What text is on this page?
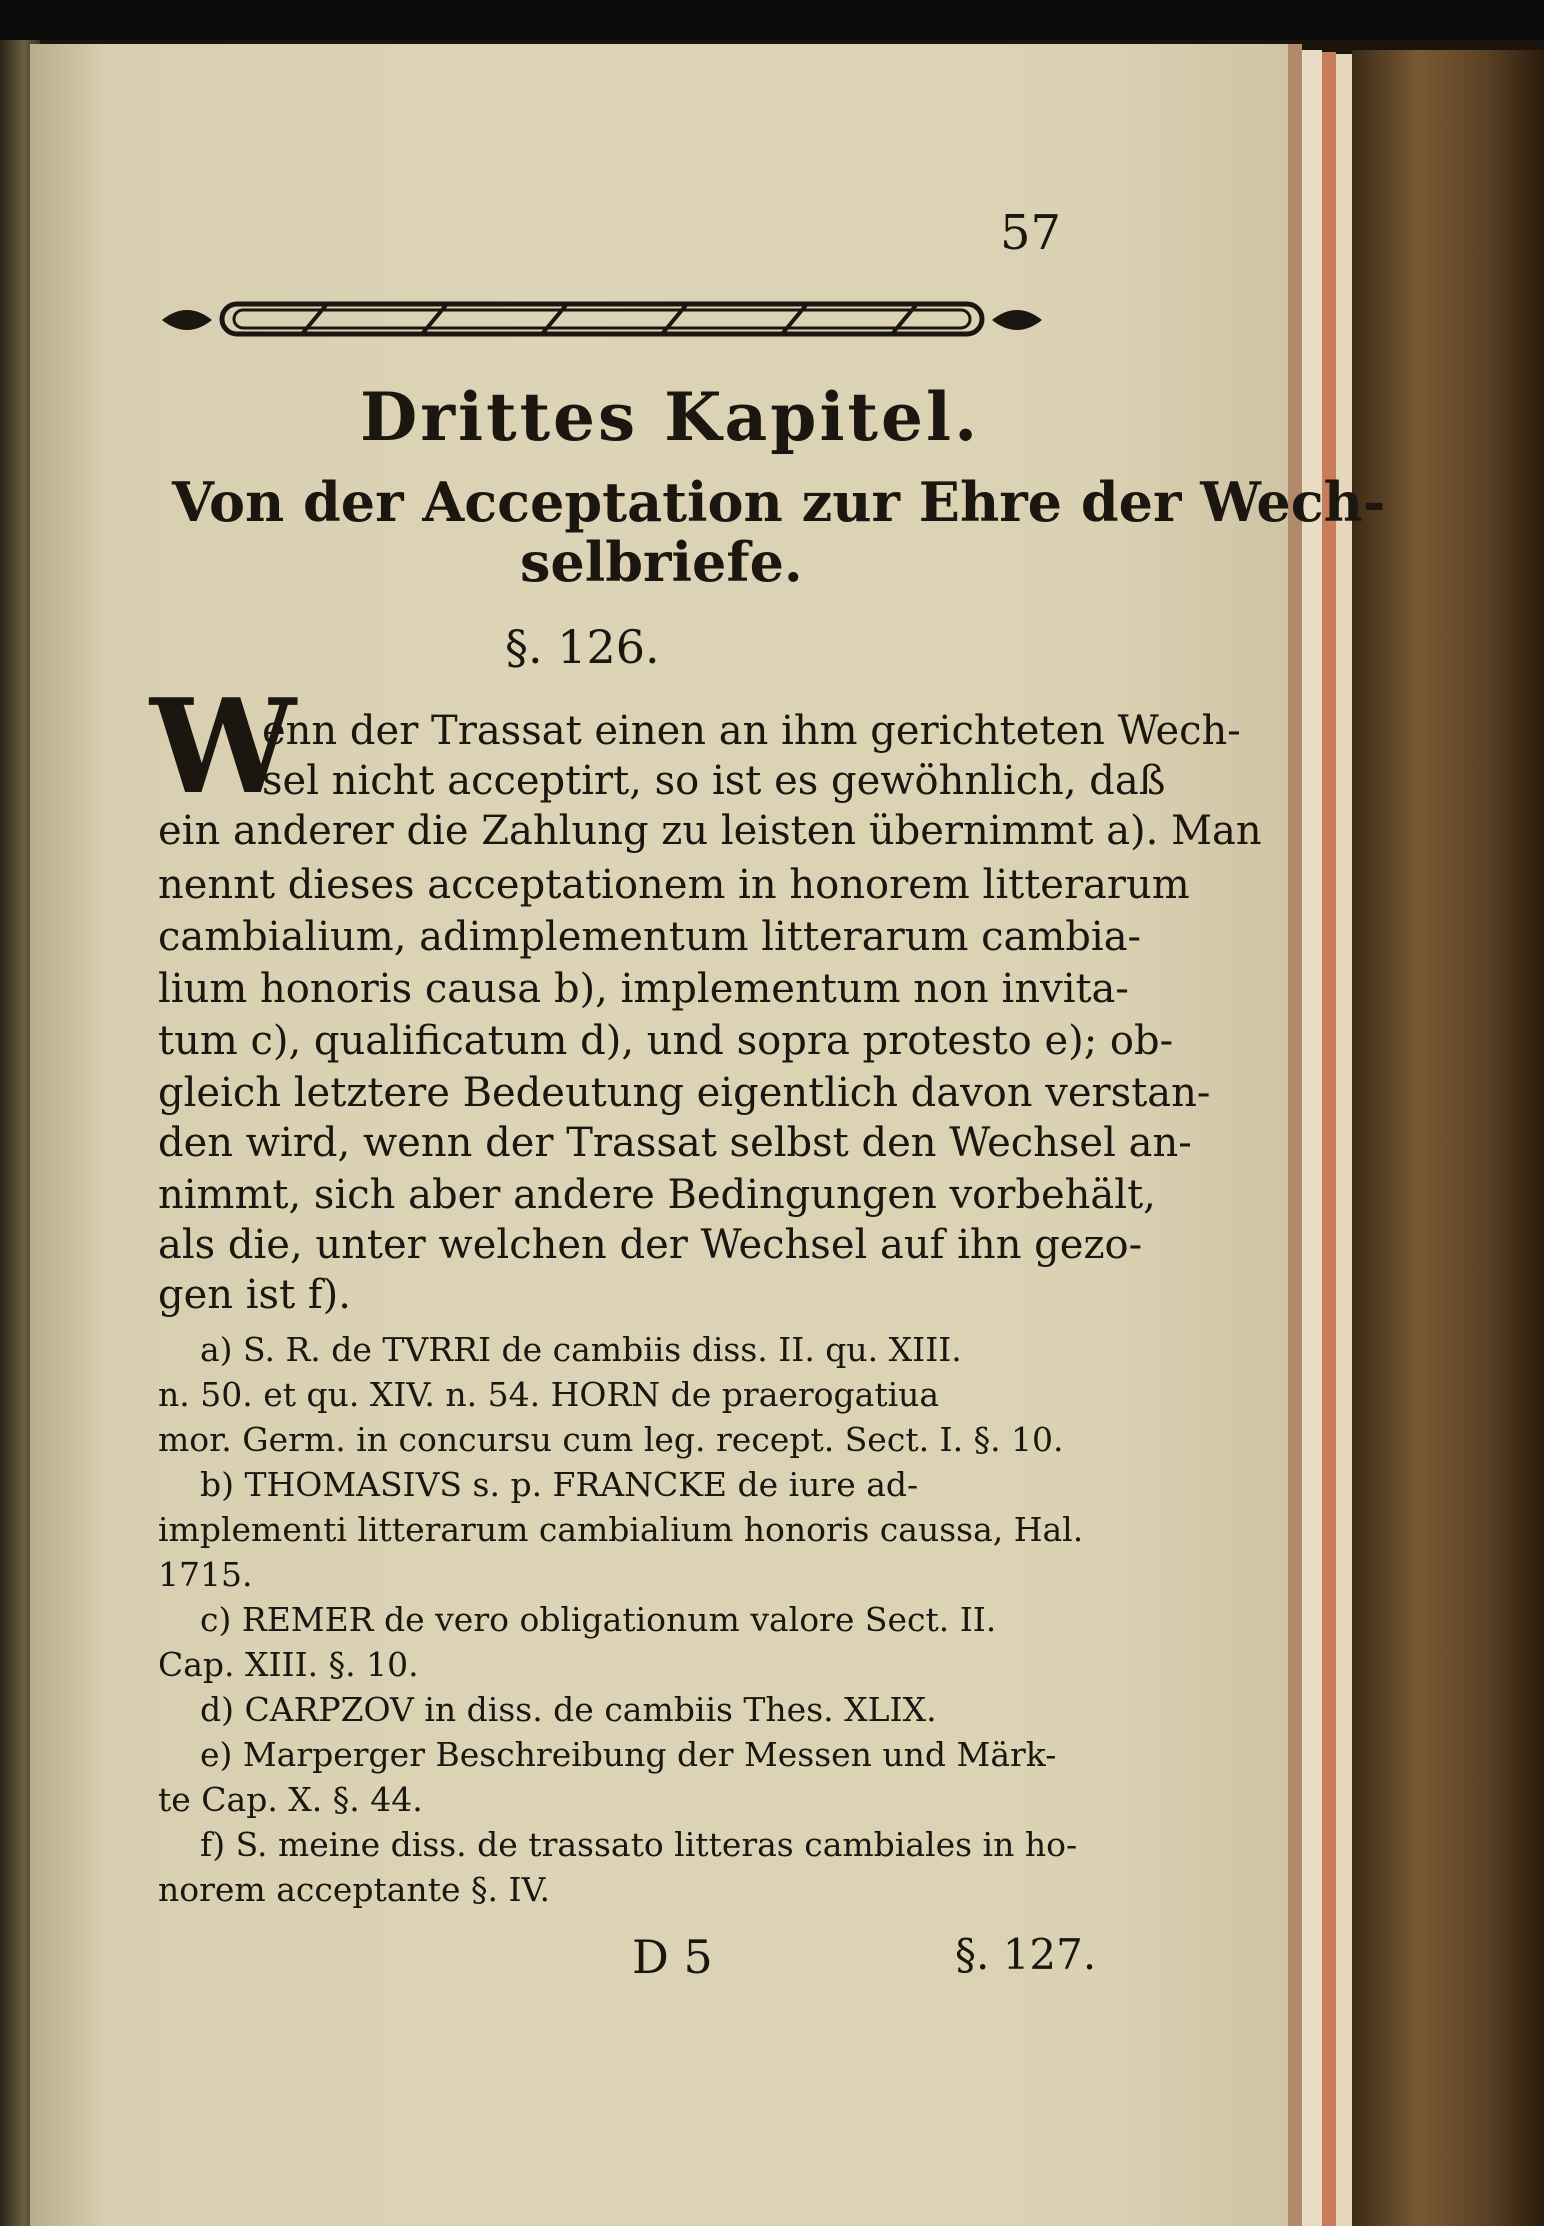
57
Drittes Kapitel.
Von der Acceptation zur Ehre der Wech-
selbriefe.
§. 126.
W
enn der Trassat einen an ihm gerichteten Wech-
sel nicht acceptirt, so ist es gewöhnlich, daß
ein anderer die Zahlung zu leisten übernimmt a). Man
nennt dieses acceptationem in honorem litterarum
cambialium, adimplementum litterarum cambia-
lium honoris causa b), implementum non invita-
tum c), qualificatum d), und sopra protesto e); ob-
gleich letztere Bedeutung eigentlich davon verstan-
den wird, wenn der Trassat selbst den Wechsel an-
nimmt, sich aber andere Bedingungen vorbehält,
als die, unter welchen der Wechsel auf ihn gezo-
gen ist f).
a) S. R. de TVRRI de cambiis diss. II. qu. XIII.
n. 50. et qu. XIV. n. 54. HORN de praerogatiua
mor. Germ. in concursu cum leg. recept. Sect. I. §. 10.
b) THOMASIVS s. p. FRANCKE de iure ad-
implementi litterarum cambialium honoris caussa, Hal.
1715.
c) REMER de vero obligationum valore Sect. II.
Cap. XIII. §. 10.
d) CARPZOV in diss. de cambiis Thes. XLIX.
e) Marperger Beschreibung der Messen und Märk-
te Cap. X. §. 44.
f) S. meine diss. de trassato litteras cambiales in ho-
norem acceptante §. IV.
D 5	§. 127.
